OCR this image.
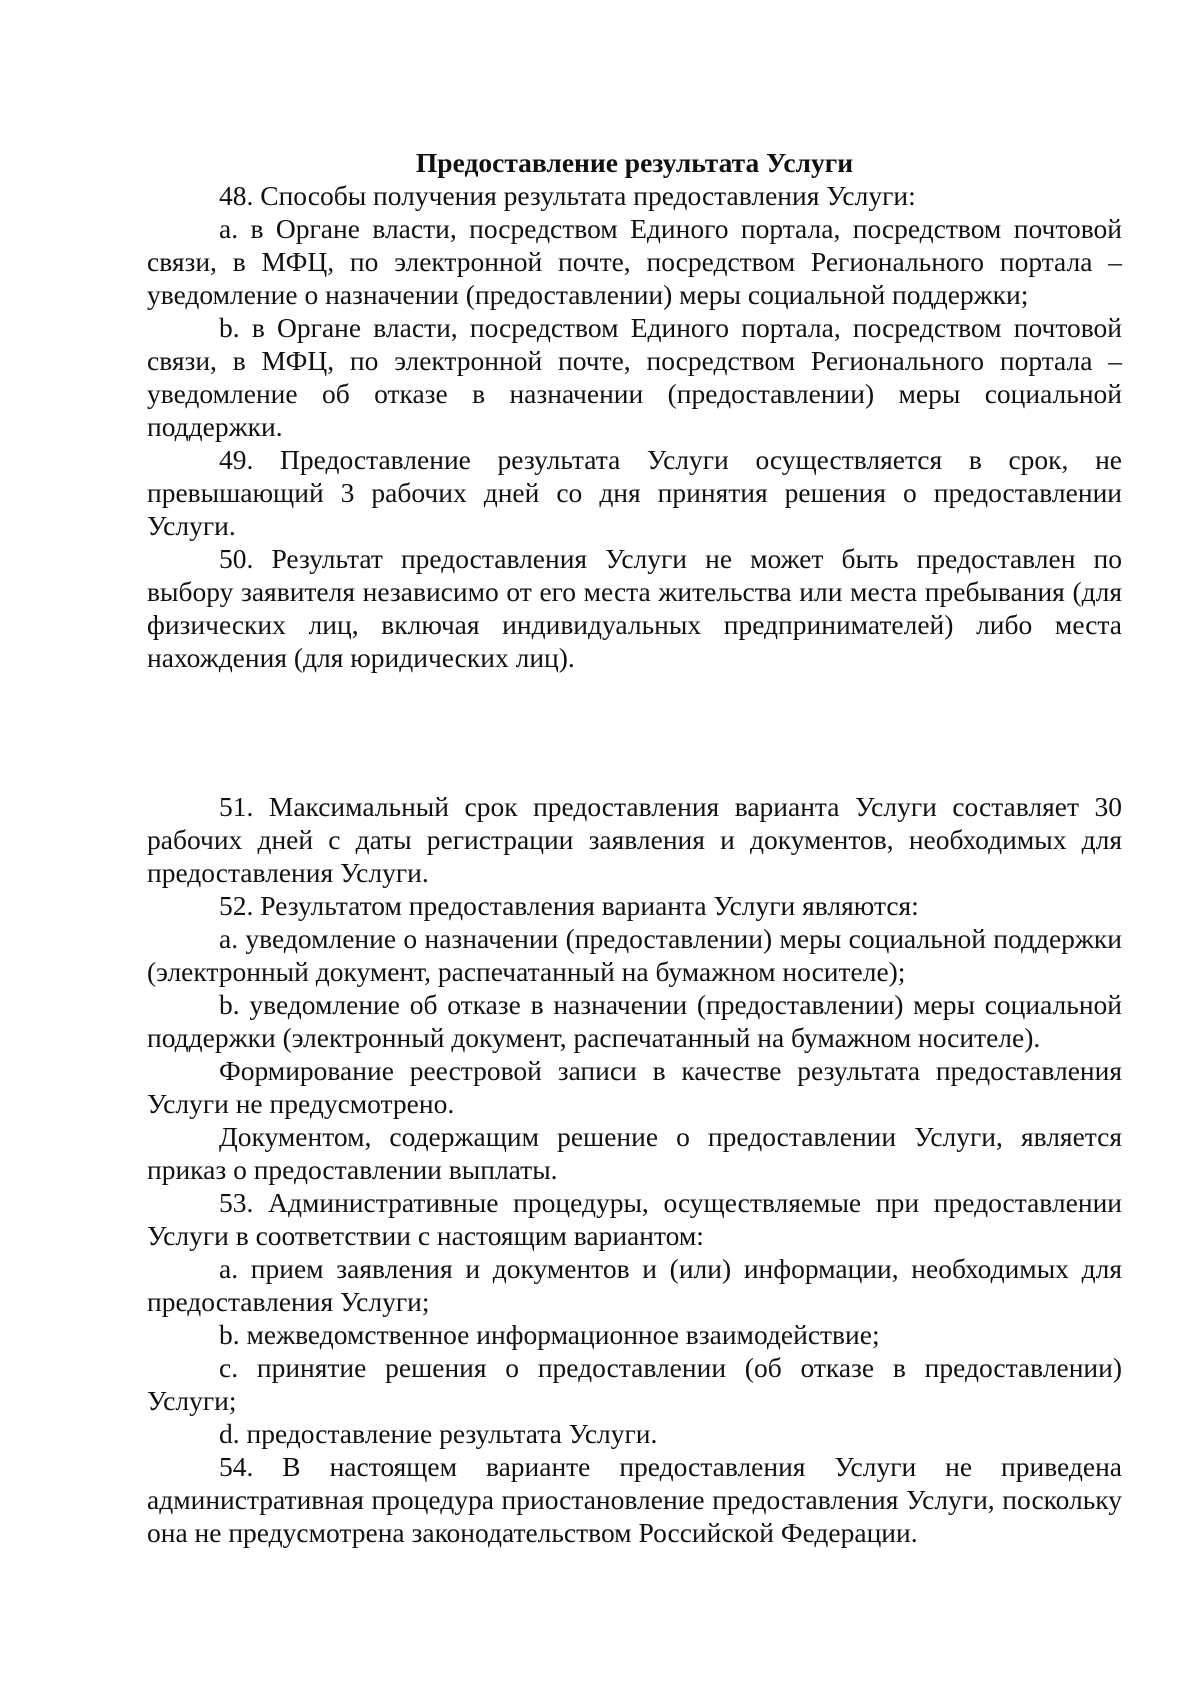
Предоставление результата Услуги

48. Способы получения результата предоставления Услуги:

a. в Органе власти, посредством Единого портала, посредством почтовой связи, в МФЦ, по электронной почте, посредством Регионального портала – уведомление о назначении (предоставлении) меры социальной поддержки;

b. в Органе власти, посредством Единого портала, посредством почтовой связи, в МФЦ, по электронной почте, посредством Регионального портала – уведомление об отказе в назначении (предоставлении) меры социальной поддержки.

49. Предоставление результата Услуги осуществляется в срок, не превышающий 3 рабочих дней со дня принятия решения о предоставлении Услуги.

50. Результат предоставления Услуги не может быть предоставлен по выбору заявителя независимо от его места жительства или места пребывания (для физических лиц, включая индивидуальных предпринимателей) либо места нахождения (для юридических лиц).

51. Максимальный срок предоставления варианта Услуги составляет 30 рабочих дней с даты регистрации заявления и документов, необходимых для предоставления Услуги.

52. Результатом предоставления варианта Услуги являются:

a. уведомление о назначении (предоставлении) меры социальной поддержки (электронный документ, распечатанный на бумажном носителе);

b. уведомление об отказе в назначении (предоставлении) меры социальной поддержки (электронный документ, распечатанный на бумажном носителе).

Формирование реестровой записи в качестве результата предоставления Услуги не предусмотрено.

Документом, содержащим решение о предоставлении Услуги, является приказ о предоставлении выплаты.

53. Административные процедуры, осуществляемые при предоставлении Услуги в соответствии с настоящим вариантом:

a. прием заявления и документов и (или) информации, необходимых для предоставления Услуги;

b. межведомственное информационное взаимодействие;

c. принятие решения о предоставлении (об отказе в предоставлении) Услуги;

d. предоставление результата Услуги.

54. В настоящем варианте предоставления Услуги не приведена административная процедура приостановление предоставления Услуги, поскольку она не предусмотрена законодательством Российской Федерации.
